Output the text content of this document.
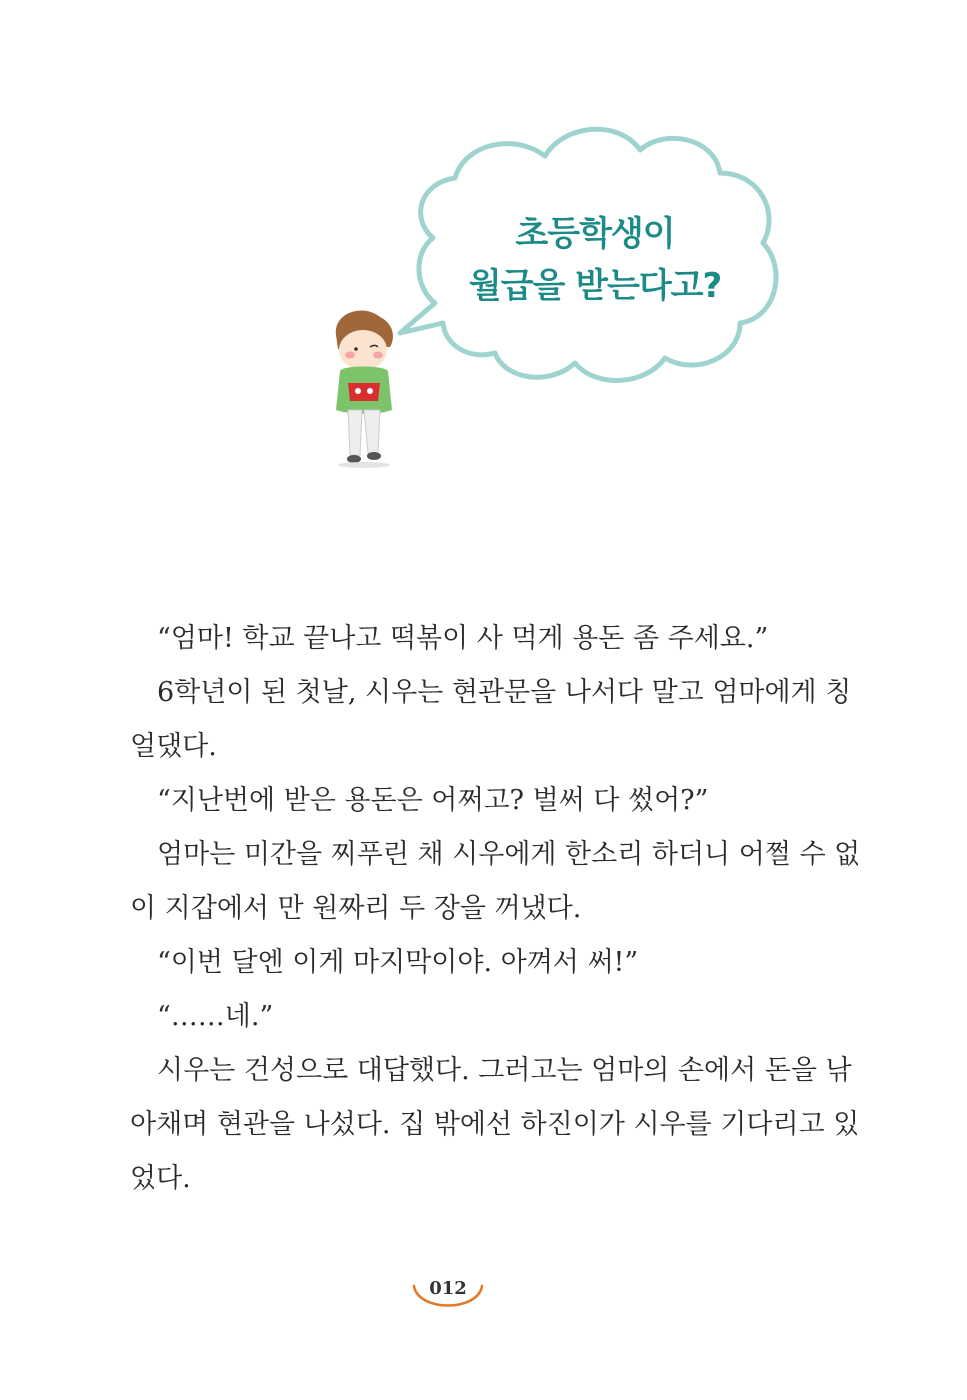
초등학생이
월급을 받는다고?
“엄마! 학교 끝나고 떡볶이 사 먹게 용돈 좀 주세요.”
6학년이 된 첫날, 시우는 현관문을 나서다 말고 엄마에게 칭
얼댔다.
“지난번에 받은 용돈은 어쩌고? 벌써 다 썼어?”
엄마는 미간을 찌푸린 채 시우에게 한소리 하더니 어쩔 수 없
이 지갑에서 만 원짜리 두 장을 꺼냈다.
“이번 달엔 이게 마지막이야. 아껴서 써!”
“……네.”
시우는 건성으로 대답했다. 그러고는 엄마의 손에서 돈을 낚
아채며 현관을 나섰다. 집 밖에선 하진이가 시우를 기다리고 있
었다.
012
